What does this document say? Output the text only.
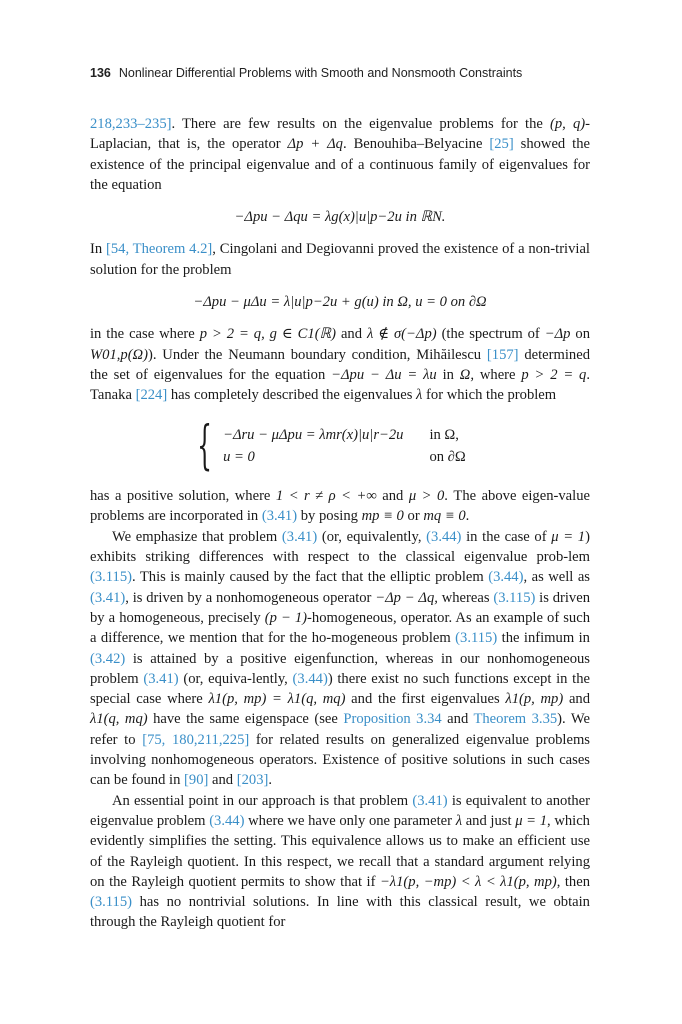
136 Nonlinear Differential Problems with Smooth and Nonsmooth Constraints

218,233–235]. There are few results on the eigenvalue problems for the (p, q)-Laplacian, that is, the operator Δp + Δq. Benouhiba–Belyacine [25] showed the existence of the principal eigenvalue and of a continuous family of eigenvalues for the equation

−Δpu − Δqu = λg(x)|u|p−2u in ℝN.

In [54, Theorem 4.2], Cingolani and Degiovanni proved the existence of a non-trivial solution for the problem

−Δpu − μΔu = λ|u|p−2u + g(u) in Ω, u = 0 on ∂Ω

in the case where p > 2 = q, g ∈ C1(ℝ) and λ ∉ σ(−Δp) (the spectrum of −Δp on W01,p(Ω)). Under the Neumann boundary condition, Mihăilescu [157] determined the set of eigenvalues for the equation −Δpu − Δu = λu in Ω, where p > 2 = q. Tanaka [224] has completely described the eigenvalues λ for which the problem

{ −Δru − μΔpu = λmr(x)|u|r−2u	in Ω,
u = 0	on ∂Ω

has a positive solution, where 1 < r ≠ ρ < +∞ and μ > 0. The above eigen-value problems are incorporated in (3.41) by posing mp ≡ 0 or mq ≡ 0.

We emphasize that problem (3.41) (or, equivalently, (3.44) in the case of μ = 1) exhibits striking differences with respect to the classical eigenvalue prob-lem (3.115). This is mainly caused by the fact that the elliptic problem (3.44), as well as (3.41), is driven by a nonhomogeneous operator −Δp − Δq, whereas (3.115) is driven by a homogeneous, precisely (p − 1)-homogeneous, operator. As an example of such a difference, we mention that for the ho-mogeneous problem (3.115) the infimum in (3.42) is attained by a positive eigenfunction, whereas in our nonhomogeneous problem (3.41) (or, equiva-lently, (3.44)) there exist no such functions except in the special case where λ1(p, mp) = λ1(q, mq) and the first eigenvalues λ1(p, mp) and λ1(q, mq) have the same eigenspace (see Proposition 3.34 and Theorem 3.35). We refer to [75, 180,211,225] for related results on generalized eigenvalue problems involving nonhomogeneous operators. Existence of positive solutions in such cases can be found in [90] and [203].

An essential point in our approach is that problem (3.41) is equivalent to another eigenvalue problem (3.44) where we have only one parameter λ and just μ = 1, which evidently simplifies the setting. This equivalence allows us to make an efficient use of the Rayleigh quotient. In this respect, we recall that a standard argument relying on the Rayleigh quotient permits to show that if −λ1(p, −mp) < λ < λ1(p, mp), then (3.115) has no nontrivial solutions. In line with this classical result, we obtain through the Rayleigh quotient for
